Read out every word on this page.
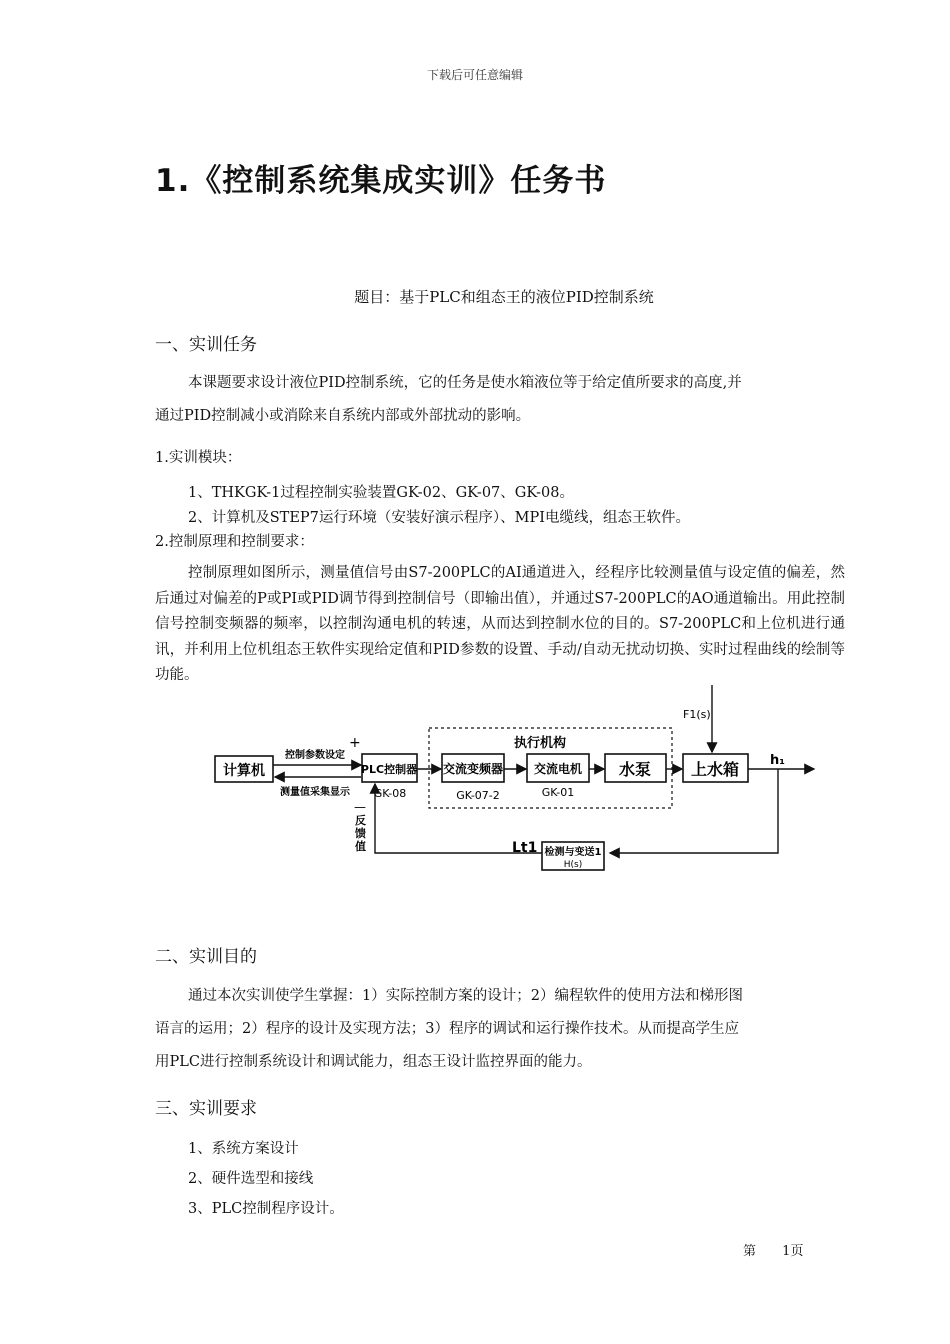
下载后可任意编辑
1.《控制系统集成实训》任务书
题目：基于PLC和组态王的液位PID控制系统
一、实训任务
本课题要求设计液位PID控制系统，它的任务是使水箱液位等于给定值所要求的高度,并
通过PID控制减小或消除来自系统内部或外部扰动的影响。
1.实训模块：
1、THKGK-1过程控制实验装置GK-02、GK-07、GK-08。
2、计算机及STEP7运行环境（安装好演示程序）、MPI电缆线，组态王软件。
2.控制原理和控制要求：
控制原理如图所示，测量值信号由S7-200PLC的AI通道进入，经程序比较测量值与设定值的偏差，然后通过对偏差的P或PI或PID调节得到控制信号（即输出值），并通过S7-200PLC的AO通道输出。用此控制信号控制变频器的频率，以控制沟通电机的转速，从而达到控制水位的目的。S7-200PLC和上位机进行通讯，并利用上位机组态王软件实现给定值和PID参数的设置、手动/自动无扰动切换、实时过程曲线的绘制等功能。
执行机构
计算机
控制参数设定
+
测量值采集显示
PLC控制器
GK-08
交流变频器
GK-07-2
交流电机
GK-01
水泵 上水箱
F1(s)
h₁
检测与变送1
H(s)
Lt1
—
反
馈
值
二、实训目的
通过本次实训使学生掌握：1）实际控制方案的设计；2）编程软件的使用方法和梯形图
语言的运用；2）程序的设计及实现方法；3）程序的调试和运行操作技术。从而提高学生应
用PLC进行控制系统设计和调试能力，组态王设计监控界面的能力。
三、实训要求
1、系统方案设计
2、硬件选型和接线
3、PLC控制程序设计。
第 1页
